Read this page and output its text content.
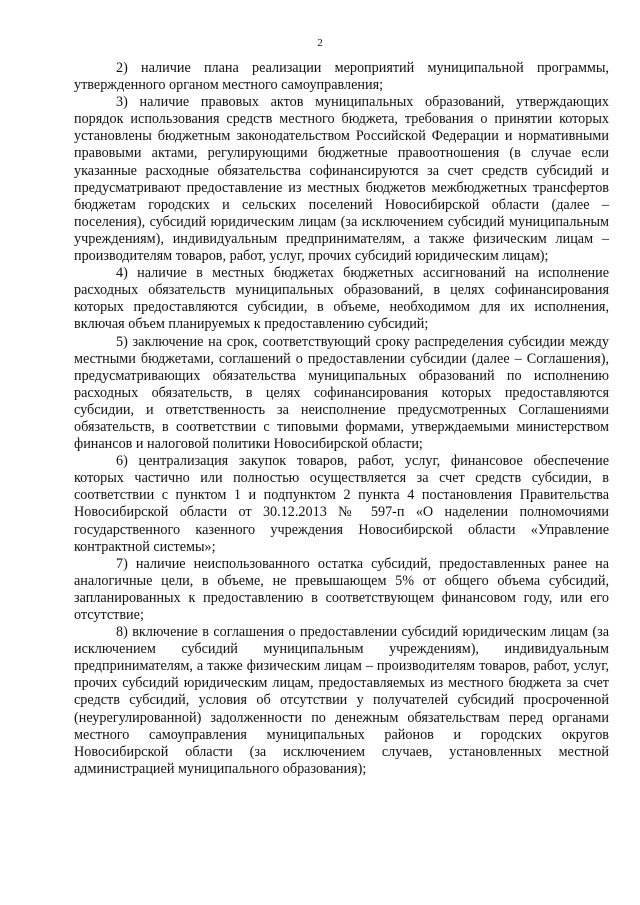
2

2) наличие плана реализации мероприятий муниципальной программы, утвержденного органом местного самоуправления;

3) наличие правовых актов муниципальных образований, утверждающих порядок использования средств местного бюджета, требования о принятии которых установлены бюджетным законодательством Российской Федерации и нормативными правовыми актами, регулирующими бюджетные правоотношения (в случае если указанные расходные обязательства софинансируются за счет средств субсидий и предусматривают предоставление из местных бюджетов межбюджетных трансфертов бюджетам городских и сельских поселений Новосибирской области (далее – поселения), субсидий юридическим лицам (за исключением субсидий муниципальным учреждениям), индивидуальным предпринимателям, а также физическим лицам – производителям товаров, работ, услуг, прочих субсидий юридическим лицам);

4) наличие в местных бюджетах бюджетных ассигнований на исполнение расходных обязательств муниципальных образований, в целях софинансирования которых предоставляются субсидии, в объеме, необходимом для их исполнения, включая объем планируемых к предоставлению субсидий;

5) заключение на срок, соответствующий сроку распределения субсидии между местными бюджетами, соглашений о предоставлении субсидии (далее – Соглашения), предусматривающих обязательства муниципальных образований по исполнению расходных обязательств, в целях софинансирования которых предоставляются субсидии, и ответственность за неисполнение предусмотренных Соглашениями обязательств, в соответствии с типовыми формами, утверждаемыми министерством финансов и налоговой политики Новосибирской области;

6) централизация закупок товаров, работ, услуг, финансовое обеспечение которых частично или полностью осуществляется за счет средств субсидии, в соответствии с пунктом 1 и подпунктом 2 пункта 4 постановления Правительства Новосибирской области от 30.12.2013 № 597-п «О наделении полномочиями государственного казенного учреждения Новосибирской области «Управление контрактной системы»;

7) наличие неиспользованного остатка субсидий, предоставленных ранее на аналогичные цели, в объеме, не превышающем 5% от общего объема субсидий, запланированных к предоставлению в соответствующем финансовом году, или его отсутствие;

8) включение в соглашения о предоставлении субсидий юридическим лицам (за исключением субсидий муниципальным учреждениям), индивидуальным предпринимателям, а также физическим лицам – производителям товаров, работ, услуг, прочих субсидий юридическим лицам, предоставляемых из местного бюджета за счет средств субсидий, условия об отсутствии у получателей субсидий просроченной (неурегулированной) задолженности по денежным обязательствам перед органами местного самоуправления муниципальных районов и городских округов Новосибирской области (за исключением случаев, установленных местной администрацией муниципального образования);
